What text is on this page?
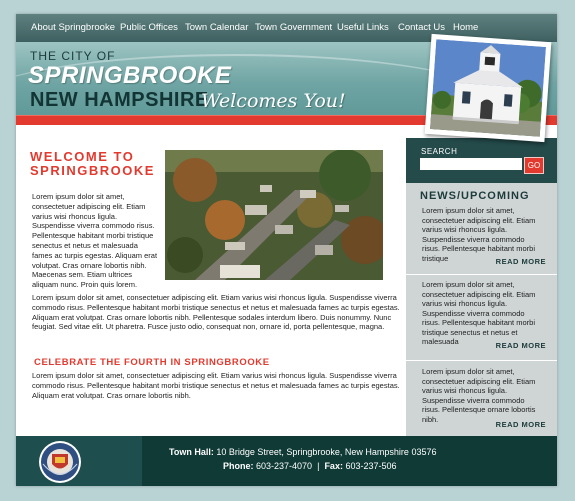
About Springbrooke Public Offices Town Calendar Town Government Useful Links Contact Us Home
THE CITY OF
SPRINGBROOKE
NEW HAMPSHIRE
Welcomes You!
WELCOME TO
SPRINGBROOKE
Lorem ipsum dolor sit amet, consectetuer adipiscing elit. Etiam varius wisi rhoncus ligula. Suspendisse viverra commodo risus. Pellentesque habitant morbi tristique senectus et netus et malesuada fames ac turpis egestas. Aliquam erat volutpat. Cras ornare lobortis nibh. Maecenas sem. Etiam ultrices aliquam nunc. Proin quis lorem.
Lorem ipsum dolor sit amet, consectetuer adipiscing elit. Etiam varius wisi rhoncus ligula. Suspendisse viverra commodo risus. Pellentesque habitant morbi tristique senectus et netus et malesuada fames ac turpis egestas. Aliquam erat volutpat. Cras ornare lobortis nibh. Pellentesque sodales interdum libero. Duis nonummy. Nunc feugiat. Sed vitae elit. Ut pharetra. Fusce justo odio, consequat non, ornare id, porta pellentesque, magna.
CELEBRATE THE FOURTH IN SPRINGBROOKE
Lorem ipsum dolor sit amet, consectetuer adipiscing elit. Etiam varius wisi rhoncus ligula. Suspendisse viverra commodo risus. Pellentesque habitant morbi tristique senectus et netus et malesuada fames ac turpis egestas. Aliquam erat volutpat. Cras ornare lobortis nibh.
SEARCH
GO
NEWS/UPCOMING
Lorem ipsum dolor sit amet, consectetuer adipiscing elit. Etiam varius wisi rhoncus ligula. Suspendisse viverra commodo risus. Pellentesque habitant morbi tristique	READ MORE
Lorem ipsum dolor sit amet, consectetuer adipiscing elit. Etiam varius wisi rhoncus ligula. Suspendisse viverra commodo risus. Pellentesque habitant morbi tristique senectus et netus et malesuada	READ MORE
Lorem ipsum dolor sit amet, consectetuer adipiscing elit. Etiam varius wisi rhoncus ligula. Suspendisse viverra commodo risus. Pellentesque ornare lobortis nibh.
READ MORE
Town Hall: 10 Bridge Street, Springbrooke, New Hampshire 03576
Phone: 603-237-4070 | Fax: 603-237-506
